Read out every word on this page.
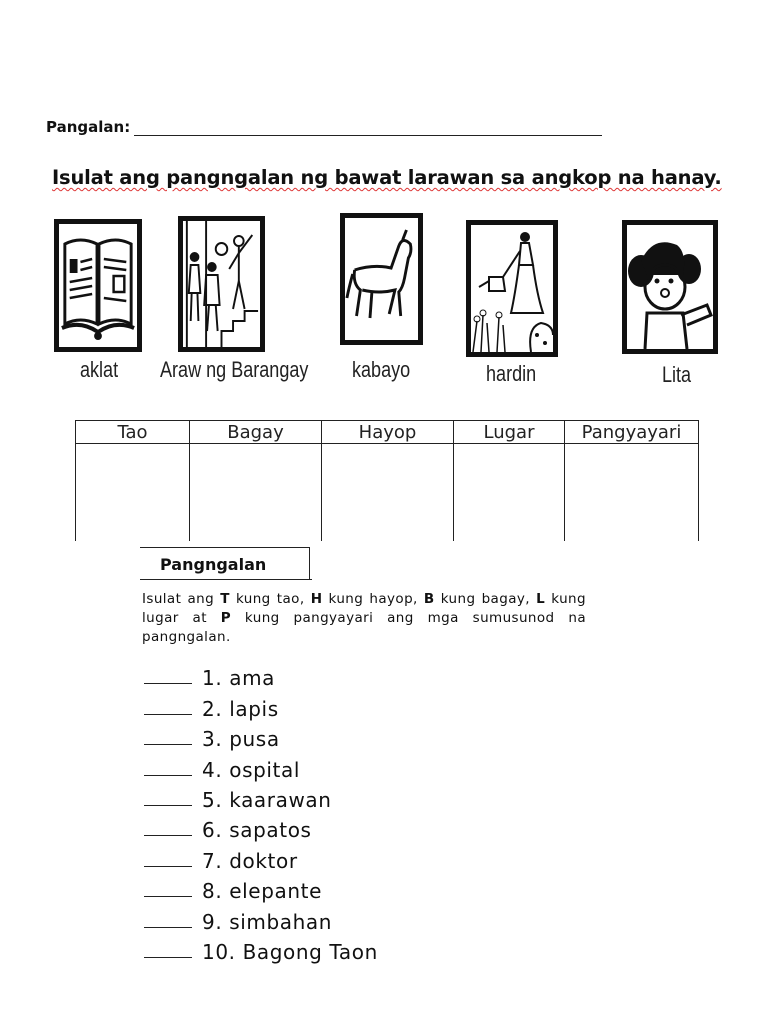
Pangalan:
Isulat ang pangngalan ng bawat larawan sa angkop na hanay.
aklat Araw ng Barangay kabayo	hardin	Lita
Tao	Bagay	Hayop	Lugar	Pangyayari

Pangngalan
Isulat ang T kung tao, H kung hayop, B kung bagay, L kung lugar at P kung pangyayari ang mga sumusunod na pangngalan.
1. ama
2. lapis
3. pusa
4. ospital
5. kaarawan
6. sapatos
7. doktor
8. elepante
9. simbahan
10. Bagong Taon
